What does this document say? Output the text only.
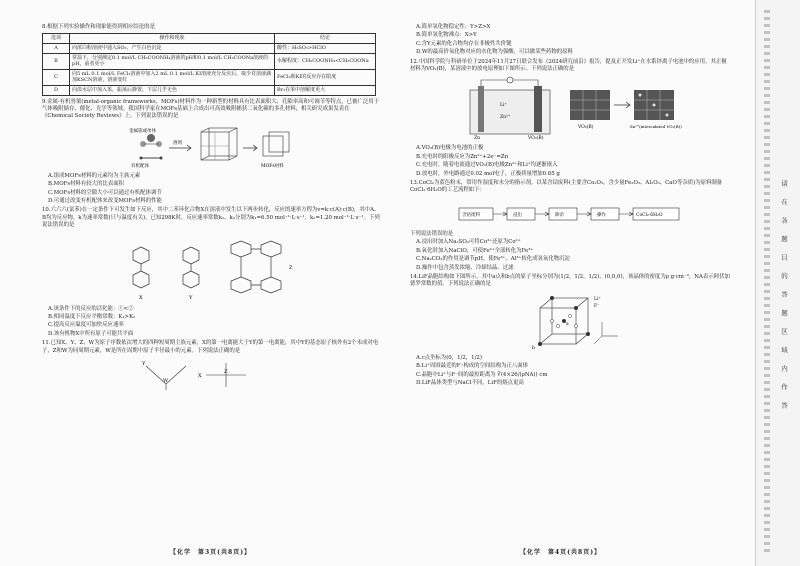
8.根据下列实验操作和现象能得到相应结论的是
选项	操作和现象	结论
A	向浓白粉溶液中通入SO₂，产生白色沉淀	酸性：H₂SO₃>HClO
B	常温下，分别测定0.1 mol/L CH₃COONH₄溶液的pH和0.1 mol/L CH₃COONa溶液的pH，前者更小	水解程度：CH₃COONH₄<CH₃COONa
C	向5 mL 0.1 mol/L FeCl₃溶液中加入2 mL 0.1 mol/L KI溶液充分反应后，取少许溶液滴加KSCN溶液，溶液变红	FeCl₃和KI的反应存在限度
D	向溴水层中加入苯，振荡后静置，下层几乎无色	Br₂在苯中溶解度更大
9.金属-有机骨架(metal-organic frameworks，MOFs)材料作为一种新型的材料具有比表面积大、孔隙率高和可调节等特点，已被广泛用于气体吸附储存、催化、光学等领域。我国科学家在MOFs基础上合成出可高效吸附捕获二氧化碳的多孔材料，相关研究成果发表在《Chemical Society Reviews》上。下列说法错误的是
金属簇或单体
有机配体
溶剂
MOFs材料
A.组成MOFs材料的元素均为主族元素
B.MOFs材料有较大的比表面积
C.MOFs材料的空隙大小可以通过有机配体调节
D.可通过改变有机配体来改变MOFs材料的性能
10.六六六(氯苯)在一定条件下可发生如下反应，其中二苯环化合物X在溶液中发生以下两步转化，反应的速率方程为v=k·c(A)·c(B)，其中A、B均为反应物，k为速率常数(只与温度有关)。已知298K时，反应速率常数k₁、k₂分别为k₁=6.50 mol⁻¹·L·s⁻¹，k₂=1.20 mol⁻¹·L·s⁻¹。下列说法错误的是
X	Y
Z
A.该条件下的反应的活化能：①<②
B.相同温度下反应平衡常数：K₁>K₂
C.提高反应温度可加快反应速率
D.该有机物X中所有原子可能共平面
11.已知X、Y、Z、W为原子序数依次增大的四种短周期主族元素，X的第一电离能大于Y的第一电离能，其中Y的基态原子核外有2个未成对电子，Z和W为同周期元素，W是所在周期中原子半径最小的元素。下列说法正确的是
Y
W
X
Z
【化学　第3页(共8页)】
A.简单氢化物稳定性：Y>Z>X
B.简单氢化物沸点：X>Y
C.含Y元素的化合物均存在非极性共价键
D.W的最高价氧化物对应的水化物为强酸，可以做某些药物的原料
12.中国科学院与科研单位于2024年11月27日联合发布《2024研究前沿》报告，提及正开发Li⁺在水系锌离子电池中的应用，其正极材料为VO₂(B)，某溶液中的放电原理如下图所示。下列说法正确的是
Zn	VO₂(B)
Li⁺
Zn²⁺
VO₂(B)	Zn²⁺(intercalated VO₂(B))
A.VO₂(B)电极为电池的正极
B.充电时的阳极反应为Zn²⁺+2e⁻=Zn
C.充电时，随着电流通过VO₂(B)电极Zn²⁺和Li⁺均逐渐嵌入
D.放电时，外电路通过0.02 mol电子，正极质量增加0.65 g
13.CoCl₂为蓝色粉末，常用作湿度和水分的指示剂。以某含钴废料(主要含Co₂O₃，含少量Fe₂O₃、Al₂O₃、CaO等杂质)为原料制备CoCl₂·6H₂O的工艺流程如下：
含钴废料	浸出	除杂	操作	CoCl₂·6H₂O
下列说法错误的是
A.浸出时加入Na₂SO₃可将Co³⁺还原为Co²⁺
B.氧化时加入NaClO，可使Fe²⁺全部转化为Fe³⁺
C.Na₂CO₃的作用是调节pH，使Fe³⁺、Al³⁺转化成氢氧化物沉淀
D.操作中包含蒸发浓缩、冷却结晶、过滤
14.LiF晶胞结构如下图所示，其中a点和b点的原子坐标分别为(1/2，1/2，1/2)、(0,0,0)，该晶体的密度为ρ g·cm⁻³，NA表示阿伏加德罗常数的值。下列说法正确的是
Li⁺
F⁻
a
b
A.c点坐标为(0，1/2，1/2)
B.Li⁺周围最近的F⁻构成的空间结构为正八面体
C.晶胞中Li⁺与F⁻间的最短距离为 ∛(4×26/(ρNA)) cm
D.LiF晶体类型与NaCl不同，LiF的熔点更高
【化学　第4页(共8页)】
请在各题目的答题区域内作答
